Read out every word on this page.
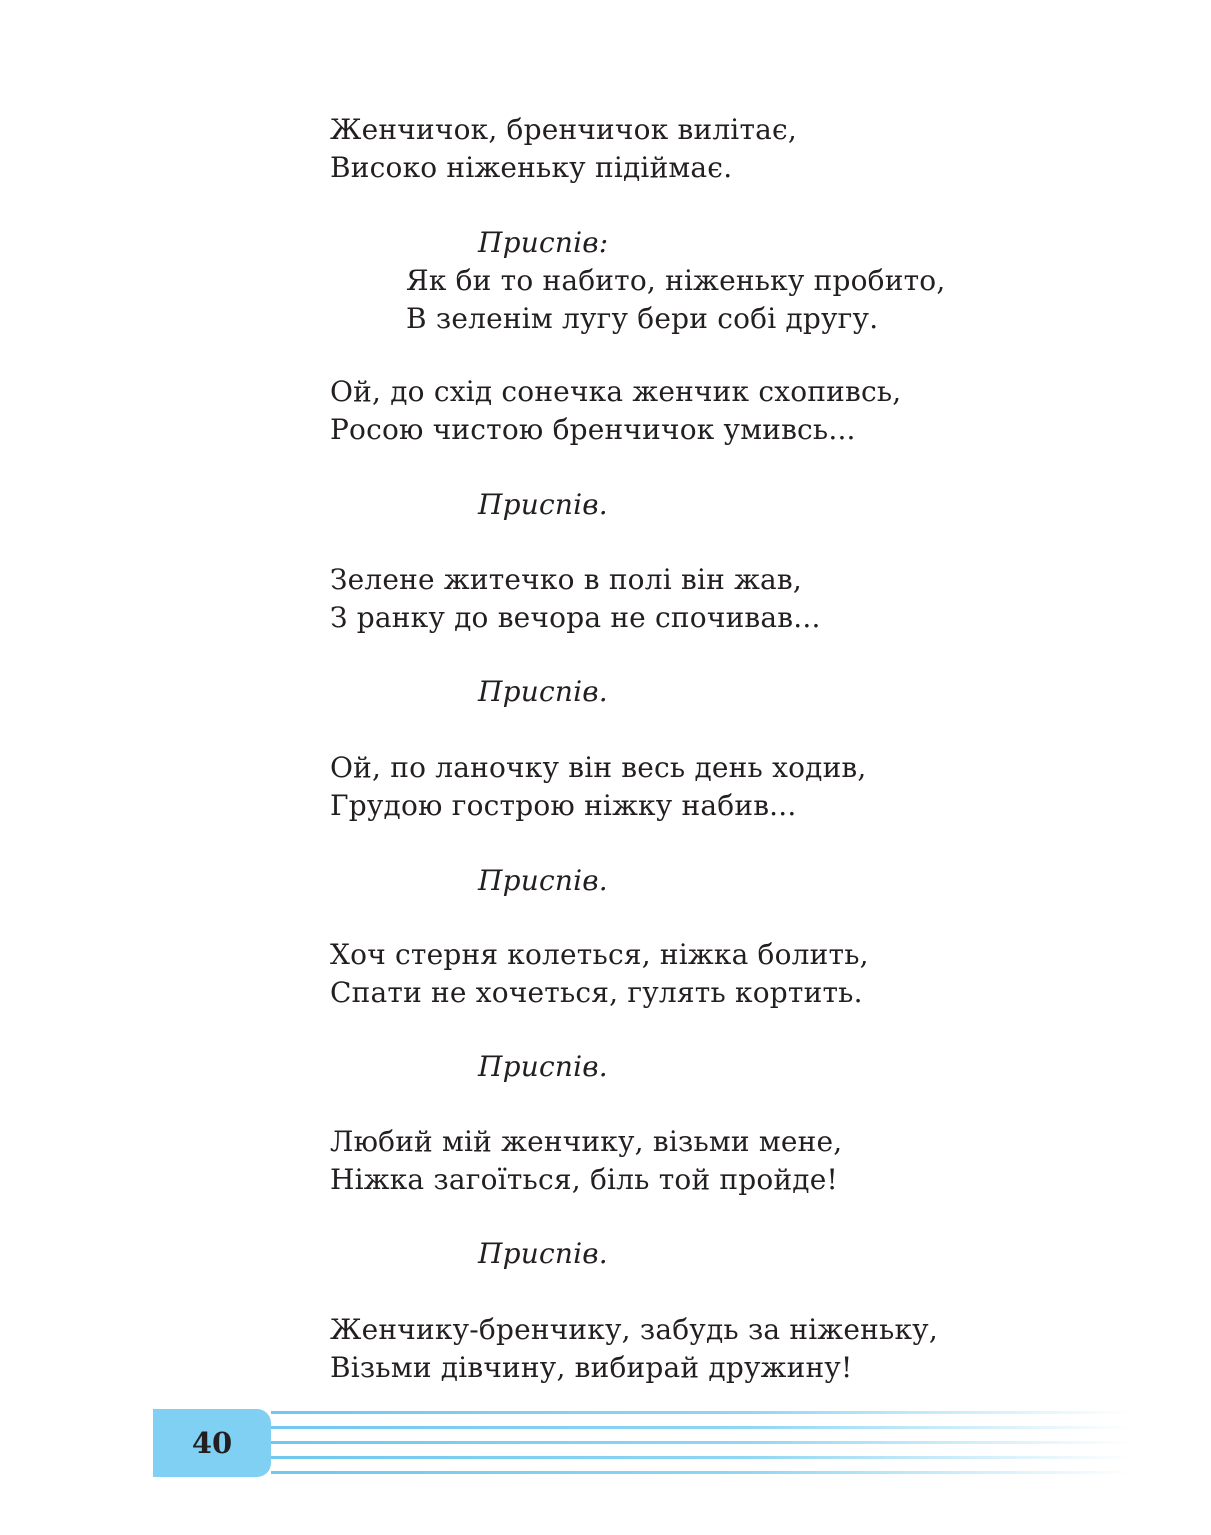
Женчичок, бренчичок вилітає,
Високо ніженьку підіймає.
Приспів:
Як би то набито, ніженьку пробито,
В зеленім лугу бери собі другу.
Ой, до схід сонечка женчик схопивсь,
Росою чистою бренчичок умивсь...
Приспів.
Зелене житечко в полі він жав,
З ранку до вечора не спочивав...
Приспів.
Ой, по ланочку він весь день ходив,
Грудою гострою ніжку набив...
Приспів.
Хоч стерня колеться, ніжка болить,
Спати не хочеться, гулять кортить.
Приспів.
Любий мій женчику, візьми мене,
Ніжка загоїться, біль той пройде!
Приспів.
Женчику-бренчику, забудь за ніженьку,
Візьми дівчину, вибирай дружину!
40
